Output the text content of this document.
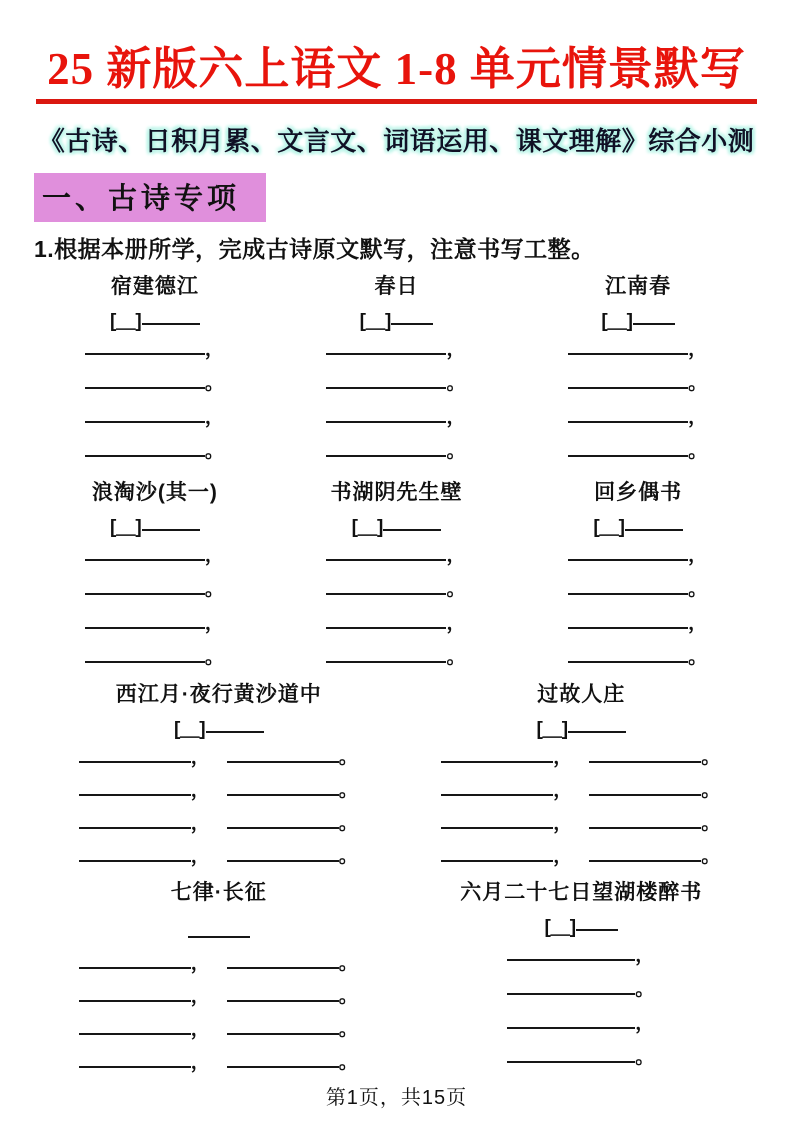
25 新版六上语文 1-8 单元情景默写
《古诗、日积月累、文言文、词语运用、课文理解》综合小测
一、古诗专项
1.根据本册所学，完成古诗原文默写，注意书写工整。
宿建德江
[＿]
，
。
，
。
春日
[＿]
，
。
，
。
江南春
[＿]
，
。
，
。
浪淘沙(其一)
[＿]
，
。
，
。
书湖阴先生壁
[＿]
，
。
，
。
回乡偶书
[＿]
，
。
，
。
西江月·夜行黄沙道中
[＿]
，	。
，	。
，	。
，	。
过故人庄
[＿]
，	。
，	。
，	。
，	。
七律·长征
，	。
，	。
，	。
，	。
六月二十七日望湖楼醉书
[＿]
，
。
，
。
第1页，共15页
